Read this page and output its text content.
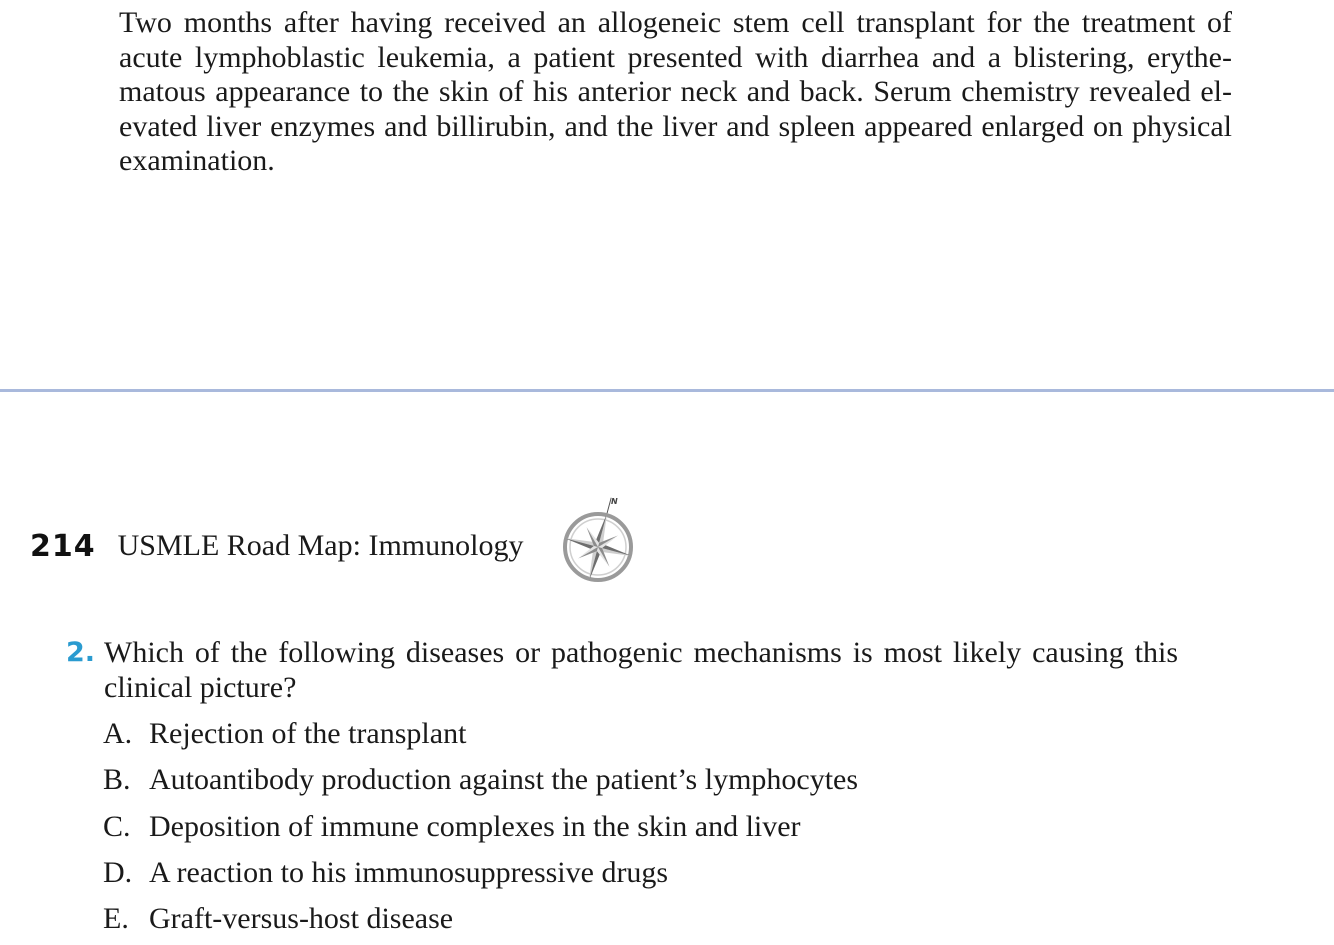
Two months after having received an allogeneic stem cell transplant for the treatment of acute lymphoblastic leukemia, a patient presented with diarrhea and a blistering, erythematous appearance to the skin of his anterior neck and back. Serum chemistry revealed elevated liver enzymes and billirubin, and the liver and spleen appeared enlarged on physical examination.

214 USMLE Road Map: Immunology
N
2. Which of the following diseases or pathogenic mechanisms is most likely causing this clinical picture?

A. Rejection of the transplant
B. Autoantibody production against the patient’s lymphocytes
C. Deposition of immune complexes in the skin and liver
D. A reaction to his immunosuppressive drugs
E. Graft-versus-host disease
